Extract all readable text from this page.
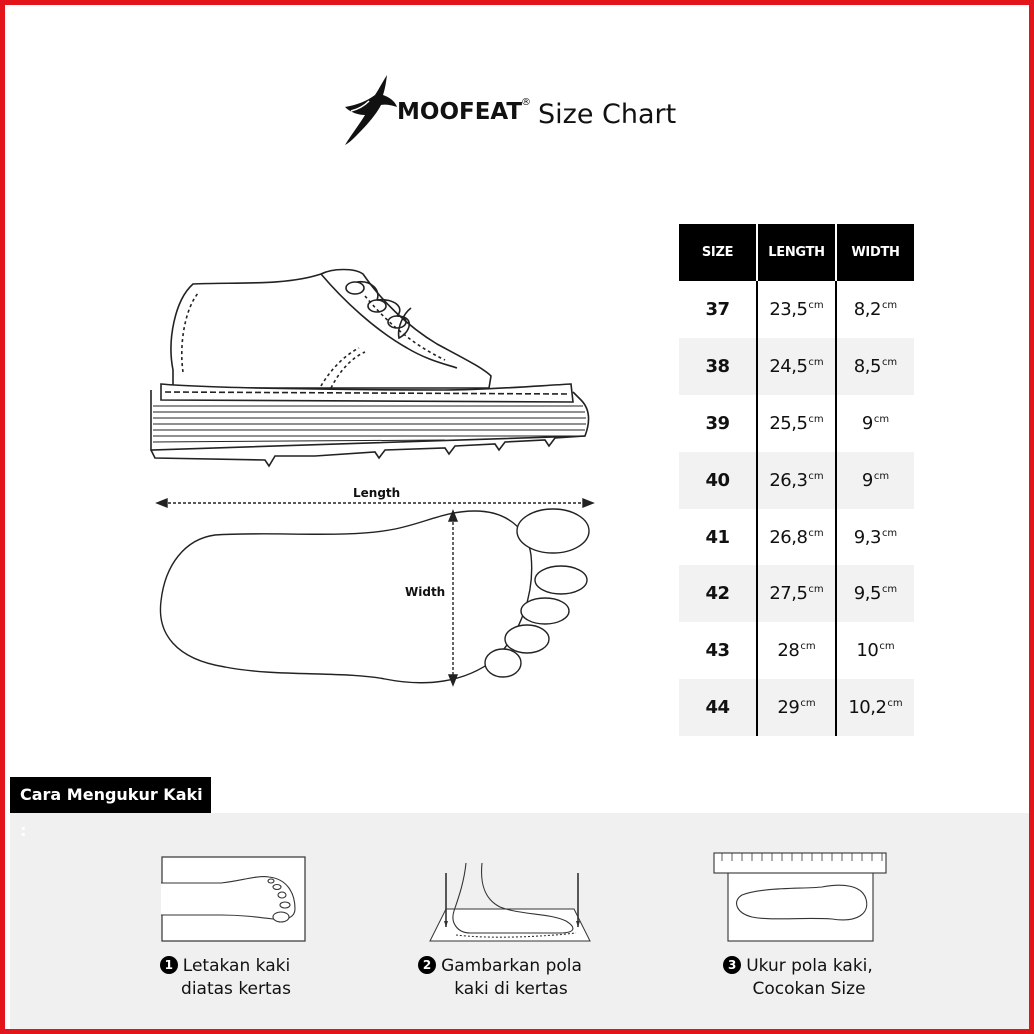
MOOFEAT
® Size Chart
Length
Width
SIZE	LENGTH	WIDTH
37	$23,5^{cm}$	$8,2^{cm}$
38	$24,5^{cm}$	$8,5^{cm}$
39	$25,5^{cm}$	$9^{cm}$
40	$26,3^{cm}$	$9^{cm}$
41	$26,8^{cm}$	$9,3^{cm}$
42	$27,5^{cm}$	$9,5^{cm}$
43	$28^{cm}$	$10^{cm}$
44	$29^{cm}$	$10,2^{cm}$
Cara Mengukur Kaki :
1 Letakan kaki
diatas kertas
2 Gambarkan pola
kaki di kertas
3 Ukur pola kaki,
Cocokan Size
